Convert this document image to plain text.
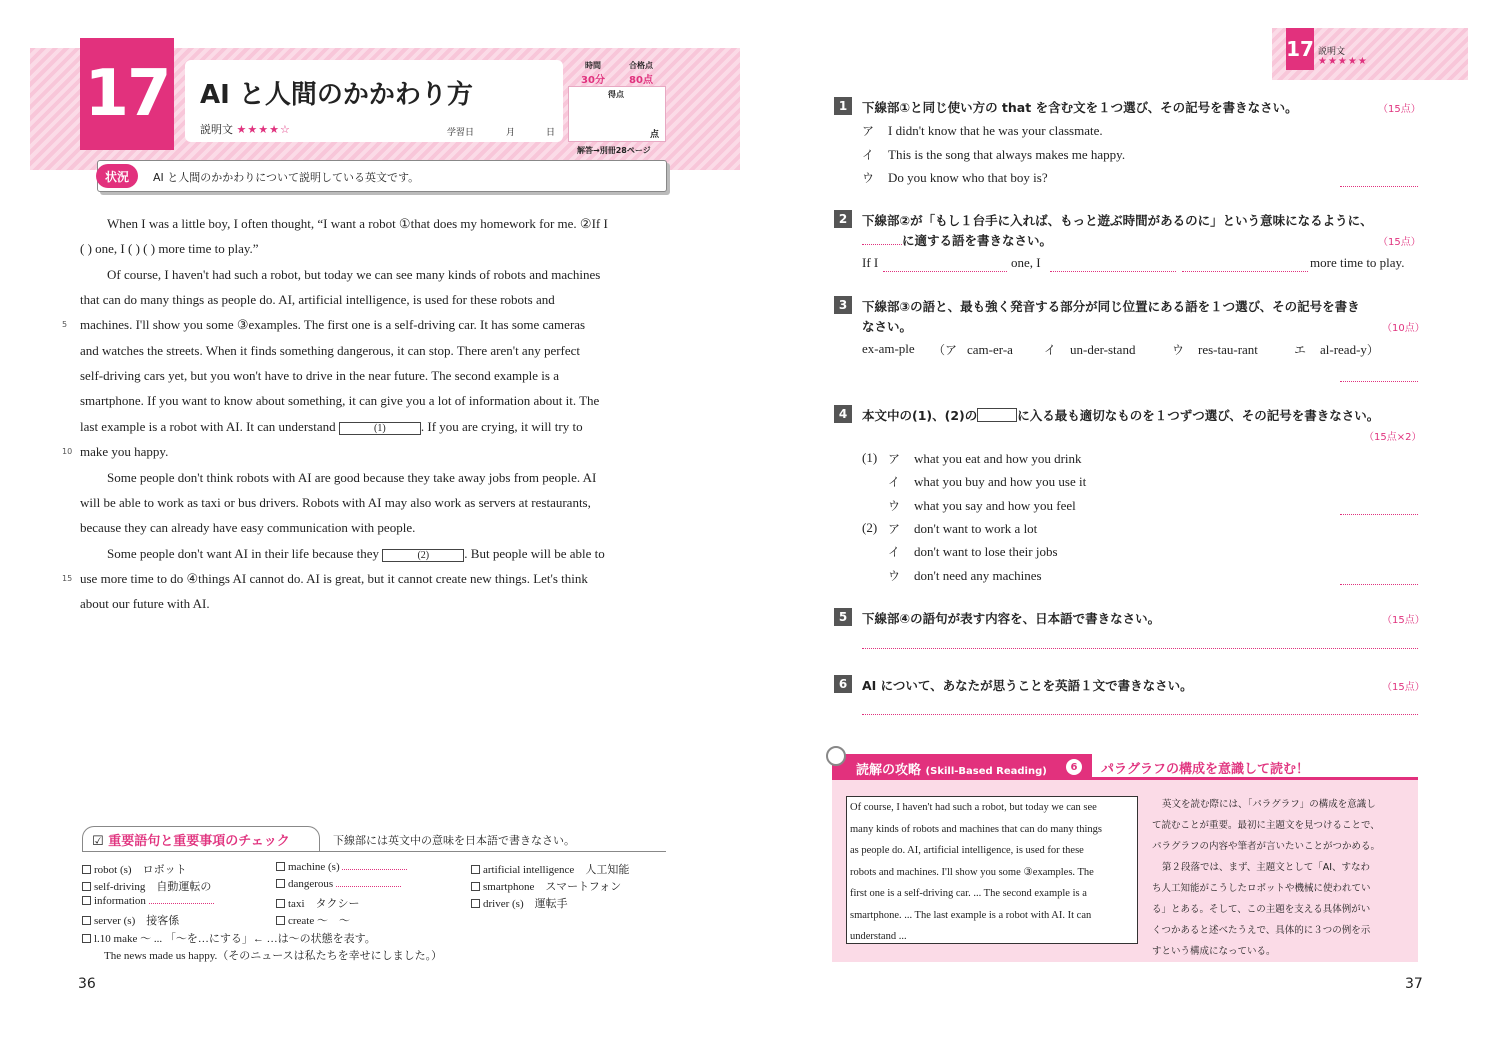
17 AI と人間のかかわり方
説明文 ★★★★☆	学習日	月	日
時間
30分
合格点
80点
得点
点
解答→別冊28ページ
状況	AI と人間のかかわりについて説明している英文です。
When I was a little boy, I often thought, “I want a robot ①that does my homework for me. ②If I
( ) one, I ( ) ( ) more time to play.”
Of course, I haven't had such a robot, but today we can see many kinds of robots and machines
that can do many things as people do. AI, artificial intelligence, is used for these robots and
5 machines. I'll show you some ③examples. The first one is a self-driving car. It has some cameras
and watches the streets. When it finds something dangerous, it can stop. There aren't any perfect
self-driving cars yet, but you won't have to drive in the near future. The second example is a
smartphone. If you want to know about something, it can give you a lot of information about it. The
last example is a robot with AI. It can understand	(1)	. If you are crying, it will try to
10 make you happy.
Some people don't think robots with AI are good because they take away jobs from people. AI
will be able to work as taxi or bus drivers. Robots with AI may also work as servers at restaurants,
because they can already have easy communication with people.
Some people don't want AI in their life because they	(2)	. But people will be able to
15 use more time to do ④things AI cannot do. AI is great, but it cannot create new things. Let's think
about our future with AI.
☑ 重要語句と重要事項のチェック	下線部には英文中の意味を日本語で書きなさい。
robot (s)　 ロボット	machine (s)	artificial intelligence　 人工知能
self-driving　 自動運転の	dangerous	smartphone　 スマートフォン
information	taxi　 タクシー	driver (s)　 運転手
server (s)　 接客係	create ～　 ～
l.10 make ～ ... 「～を…にする」← …は～の状態を表す。
The news made us happy.（そのニュースは私たちを幸せにしました。）
36
17 説明文
★★★★★
1	下線部①と同じ使い方の that を含む文を１つ選び、その記号を書きなさい。	（15点）
ア I didn't know that he was your classmate.
イ This is the song that always makes me happy.
ウ Do you know who that boy is?
2	下線部②が「もし１台手に入れば、もっと遊ぶ時間があるのに」という意味になるように、
に適する語を書きなさい。	（15点）
If I	one, I	more time to play.
3	下線部③の語と、最も強く発音する部分が同じ位置にある語を１つ選び、その記号を書き
なさい。	（10点）
ex-am-ple （ア cam-er-a	イ un-der-stand	ウ res-tau-rant	エ al-read-y）
4	本文中の(1)、(2)の	に入る最も適切なものを１つずつ選び、その記号を書きなさい。
（15点×2）
(1) ア what you eat and how you drink
イ what you buy and how you use it
ウ what you say and how you feel
(2) ア don't want to work a lot
イ don't want to lose their jobs
ウ don't need any machines
5	下線部④の語句が表す内容を、日本語で書きなさい。	（15点）
6	AI について、あなたが思うことを英語１文で書きなさい。	（15点）
読解の攻略 (Skill-Based Reading)	6	パラグラフの構成を意識して読む！
Of course, I haven't had such a robot, but today we can see
many kinds of robots and machines that can do many things
as people do. AI, artificial intelligence, is used for these
robots and machines. I'll show you some ③examples. The
first one is a self-driving car. ... The second example is a
smartphone. ... The last example is a robot with AI. It can
understand ...
英文を読む際には、「パラグラフ」の構成を意識し
て読むことが重要。最初に主題文を見つけることで、
パラグラフの内容や筆者が言いたいことがつかめる。
第２段落では、まず、主題文として「AI、すなわ
ち人工知能がこうしたロボットや機械に使われてい
る」とある。そして、この主題を支える具体例がい
くつかあると述べたうえで、具体的に３つの例を示
すという構成になっている。
37
